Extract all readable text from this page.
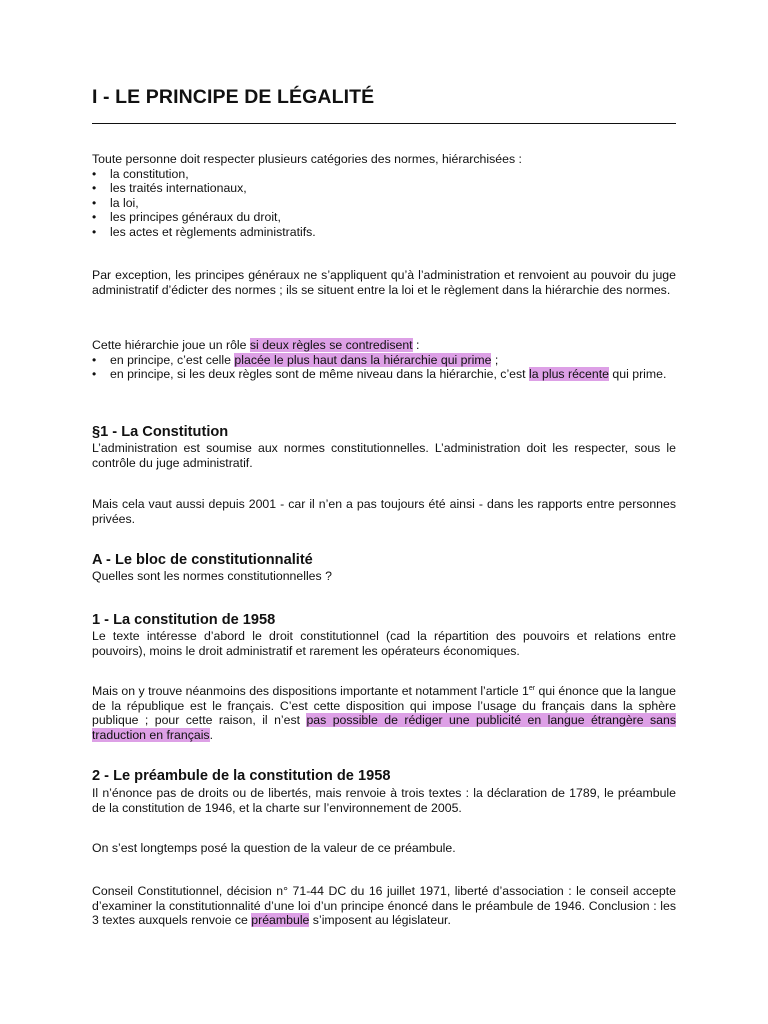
I - LE PRINCIPE DE LÉGALITÉ
Toute personne doit respecter plusieurs catégories des normes, hiérarchisées :
• la constitution,
• les traités internationaux,
• la loi,
• les principes généraux du droit,
• les actes et règlements administratifs.
Par exception, les principes généraux ne s’appliquent qu’à l’administration et renvoient au pouvoir du juge administratif d’édicter des normes ; ils se situent entre la loi et le règlement dans la hiérarchie des normes.
Cette hiérarchie joue un rôle si deux règles se contredisent :
• en principe, c’est celle placée le plus haut dans la hiérarchie qui prime ;
• en principe, si les deux règles sont de même niveau dans la hiérarchie, c’est la plus récente qui prime.
§1 - La Constitution
L’administration est soumise aux normes constitutionnelles. L’administration doit les respecter, sous le contrôle du juge administratif.
Mais cela vaut aussi depuis 2001 - car il n’en a pas toujours été ainsi - dans les rapports entre personnes privées.
A - Le bloc de constitutionnalité
Quelles sont les normes constitutionnelles ?
1 - La constitution de 1958
Le texte intéresse d’abord le droit constitutionnel (cad la répartition des pouvoirs et relations entre pouvoirs), moins le droit administratif et rarement les opérateurs économiques.
Mais on y trouve néanmoins des dispositions importante et notamment l’article 1er qui énonce que la langue de la république est le français. C’est cette disposition qui impose l’usage du français dans la sphère publique ; pour cette raison, il n’est pas possible de rédiger une publicité en langue étrangère sans traduction en français.
2 - Le préambule de la constitution de 1958
Il n’énonce pas de droits ou de libertés, mais renvoie à trois textes : la déclaration de 1789, le préambule de la constitution de 1946, et la charte sur l’environnement de 2005.
On s’est longtemps posé la question de la valeur de ce préambule.
Conseil Constitutionnel, décision n° 71-44 DC du 16 juillet 1971, liberté d’association : le conseil accepte d’examiner la constitutionnalité d’une loi d’un principe énoncé dans le préambule de 1946. Conclusion : les 3 textes auxquels renvoie ce préambule s’imposent au législateur.
